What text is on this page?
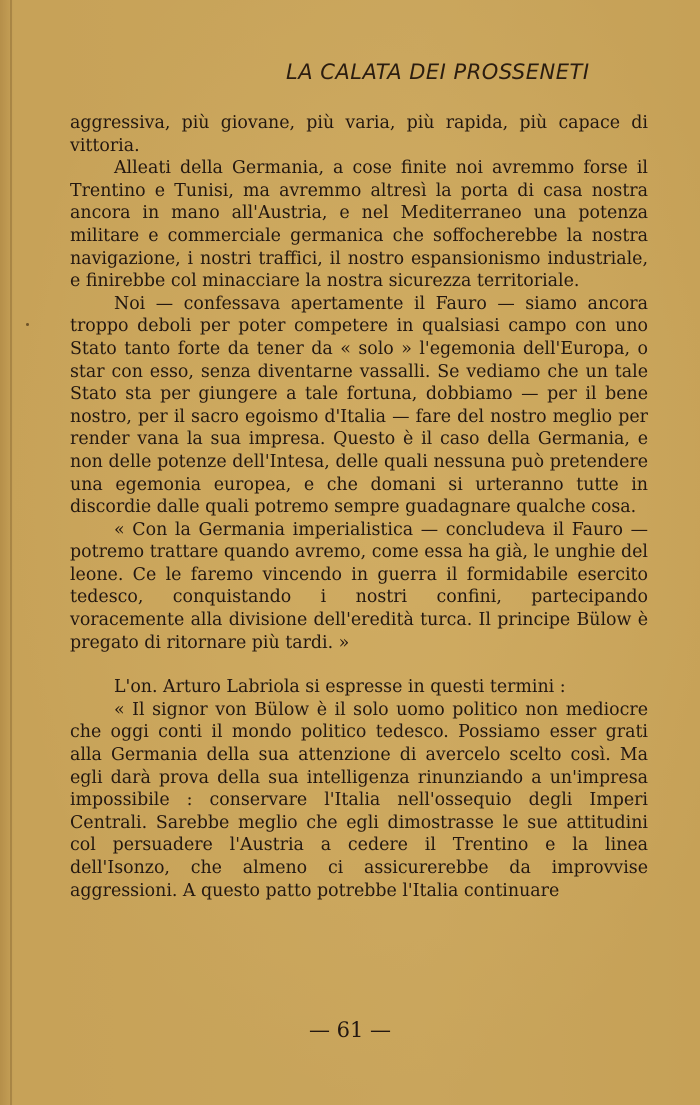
LA CALATA DEI PROSSENETI

aggressiva, più giovane, più varia, più rapida, più capace di vittoria.

Alleati della Germania, a cose finite noi avremmo forse il Trentino e Tunisi, ma avremmo altresì la porta di casa nostra ancora in mano all'Austria, e nel Mediterraneo una potenza militare e commerciale germanica che soffocherebbe la nostra navigazione, i nostri traffici, il nostro espansionismo industriale, e finirebbe col minacciare la nostra sicurezza territoriale.

Noi — confessava apertamente il Fauro — siamo ancora troppo deboli per poter competere in qualsiasi campo con uno Stato tanto forte da tener da « solo » l'egemonia dell'Europa, o star con esso, senza diventarne vassalli. Se vediamo che un tale Stato sta per giungere a tale fortuna, dobbiamo — per il bene nostro, per il sacro egoismo d'Italia — fare del nostro meglio per render vana la sua impresa. Questo è il caso della Germania, e non delle potenze dell'Intesa, delle quali nessuna può pretendere una egemonia europea, e che domani si urteranno tutte in discordie dalle quali potremo sempre guadagnare qualche cosa.

« Con la Germania imperialistica — concludeva il Fauro — potremo trattare quando avremo, come essa ha già, le unghie del leone. Ce le faremo vincendo in guerra il formidabile esercito tedesco, conquistando i nostri confini, partecipando voracemente alla divisione dell'eredità turca. Il principe Bülow è pregato di ritornare più tardi. »

L'on. Arturo Labriola si espresse in questi termini :

« Il signor von Bülow è il solo uomo politico non mediocre che oggi conti il mondo politico tedesco. Possiamo esser grati alla Germania della sua attenzione di avercelo scelto così. Ma egli darà prova della sua intelligenza rinunziando a un'impresa impossibile : conservare l'Italia nell'ossequio degli Imperi Centrali. Sarebbe meglio che egli dimostrasse le sue attitudini col persuadere l'Austria a cedere il Trentino e la linea dell'Isonzo, che almeno ci assicurerebbe da improvvise aggressioni. A questo patto potrebbe l'Italia continuare

— 61 —
